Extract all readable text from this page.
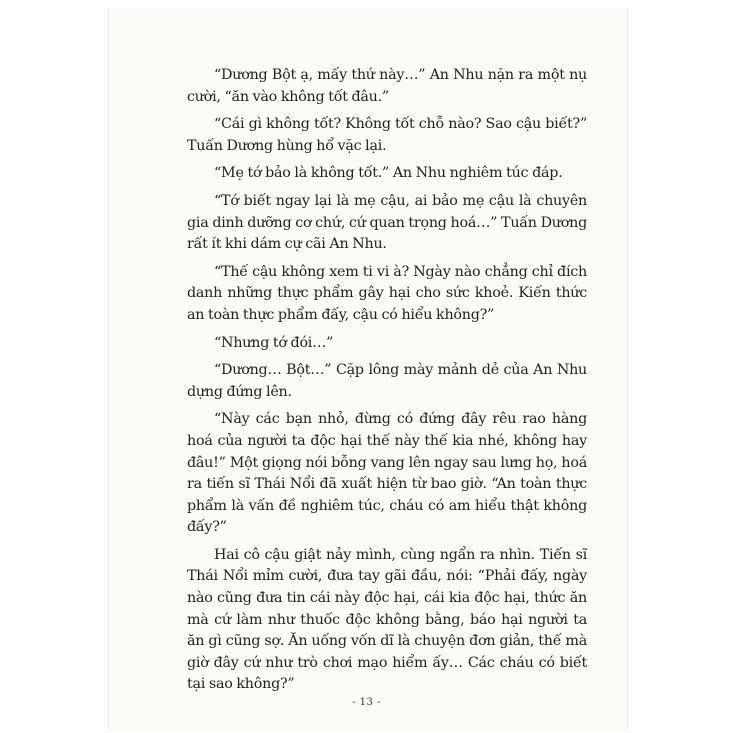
“Dương Bột ạ, mấy thứ này…” An Nhu nặn ra một nụ cười, “ăn vào không tốt đâu.”

“Cái gì không tốt? Không tốt chỗ nào? Sao cậu biết?” Tuấn Dương hùng hổ vặc lại.

“Mẹ tớ bảo là không tốt.” An Nhu nghiêm túc đáp.

“Tớ biết ngay lại là mẹ cậu, ai bảo mẹ cậu là chuyên gia dinh dưỡng cơ chứ, cứ quan trọng hoá…” Tuấn Dương rất ít khi dám cự cãi An Nhu.

“Thế cậu không xem ti vi à? Ngày nào chẳng chỉ đích danh những thực phẩm gây hại cho sức khoẻ. Kiến thức an toàn thực phẩm đấy, cậu có hiểu không?”

“Nhưng tớ đói…”

“Dương… Bột…” Cặp lông mày mảnh dẻ của An Nhu dựng đứng lên.

“Này các bạn nhỏ, đừng có đứng đây rêu rao hàng hoá của người ta độc hại thế này thế kia nhé, không hay đâu!” Một giọng nói bỗng vang lên ngay sau lưng họ, hoá ra tiến sĩ Thái Nổi đã xuất hiện từ bao giờ. “An toàn thực phẩm là vấn đề nghiêm túc, cháu có am hiểu thật không đấy?”

Hai cô cậu giật nảy mình, cùng ngẩn ra nhìn. Tiến sĩ Thái Nổi mỉm cười, đưa tay gãi đầu, nói: “Phải đấy, ngày nào cũng đưa tin cái này độc hại, cái kia độc hại, thức ăn mà cứ làm như thuốc độc không bằng, báo hại người ta ăn gì cũng sợ. Ăn uống vốn dĩ là chuyện đơn giản, thế mà giờ đây cứ như trò chơi mạo hiểm ấy… Các cháu có biết tại sao không?”

- 13 -
